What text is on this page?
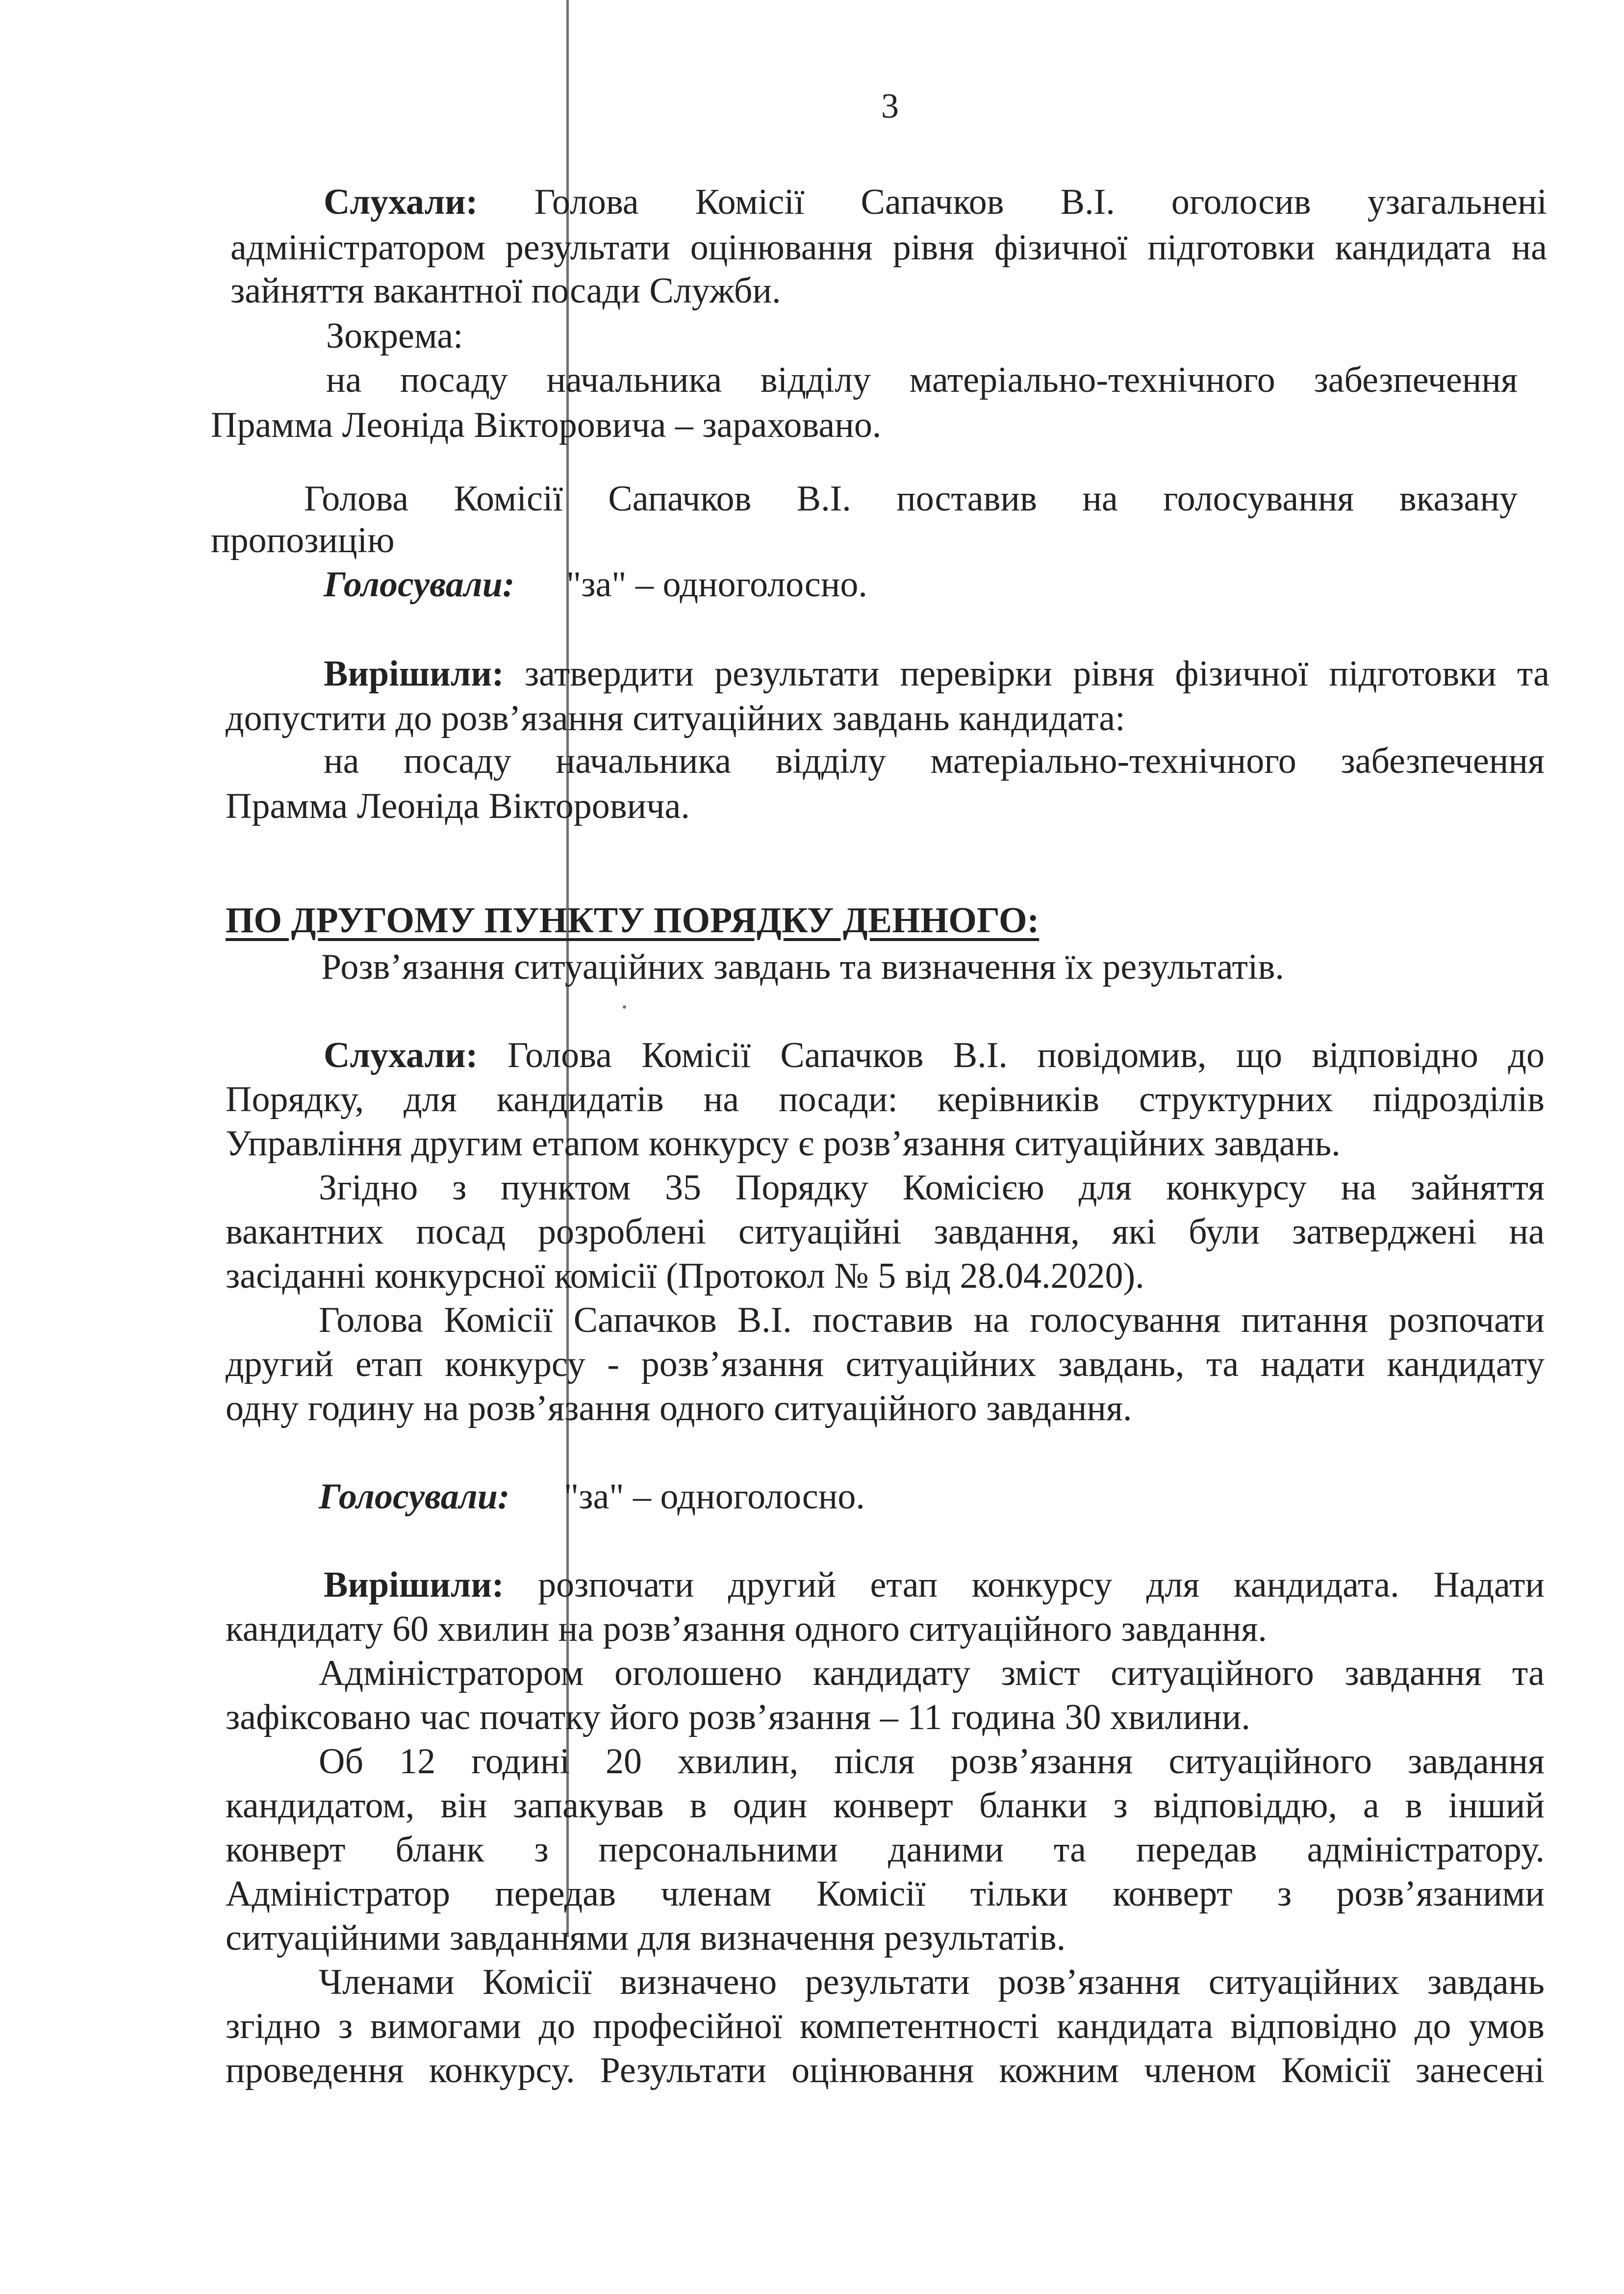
3

Слухали: Голова Комісії Сапачков В.І. оголосив узагальнені

адміністратором результати оцінювання рівня фізичної підготовки кандидата на

зайняття вакантної посади Служби.

Зокрема:

на посаду начальника відділу матеріально-технічного забезпечення

Прамма Леоніда Вікторовича – зараховано.

Голова Комісії Сапачков В.І. поставив на голосування вказану

пропозицію

Голосували: "за" – одноголосно.

Вирішили: затвердити результати перевірки рівня фізичної підготовки та

допустити до розв’язання ситуаційних завдань кандидата:

на посаду начальника відділу матеріально-технічного забезпечення

Прамма Леоніда Вікторовича.

ПО ДРУГОМУ ПУНКТУ ПОРЯДКУ ДЕННОГО:

Розв’язання ситуаційних завдань та визначення їх результатів.

Слухали: Голова Комісії Сапачков В.І. повідомив, що відповідно до

Порядку, для кандидатів на посади: керівників структурних підрозділів

Управління другим етапом конкурсу є розв’язання ситуаційних завдань.

Згідно з пунктом 35 Порядку Комісією для конкурсу на зайняття

вакантних посад розроблені ситуаційні завдання, які були затверджені на

засіданні конкурсної комісії (Протокол № 5 від 28.04.2020).

Голова Комісії Сапачков В.І. поставив на голосування питання розпочати

другий етап конкурсу - розв’язання ситуаційних завдань, та надати кандидату

одну годину на розв’язання одного ситуаційного завдання.

Голосували: "за" – одноголосно.

Вирішили: розпочати другий етап конкурсу для кандидата. Надати

кандидату 60 хвилин на розв’язання одного ситуаційного завдання.

Адміністратором оголошено кандидату зміст ситуаційного завдання та

зафіксовано час початку його розв’язання – 11 година 30 хвилини.

Об 12 годині 20 хвилин, після розв’язання ситуаційного завдання

кандидатом, він запакував в один конверт бланки з відповіддю, а в інший

конверт бланк з персональними даними та передав адміністратору.

Адміністратор передав членам Комісії тільки конверт з розв’язаними

ситуаційними завданнями для визначення результатів.

Членами Комісії визначено результати розв’язання ситуаційних завдань

згідно з вимогами до професійної компетентності кандидата відповідно до умов

проведення конкурсу. Результати оцінювання кожним членом Комісії занесені
